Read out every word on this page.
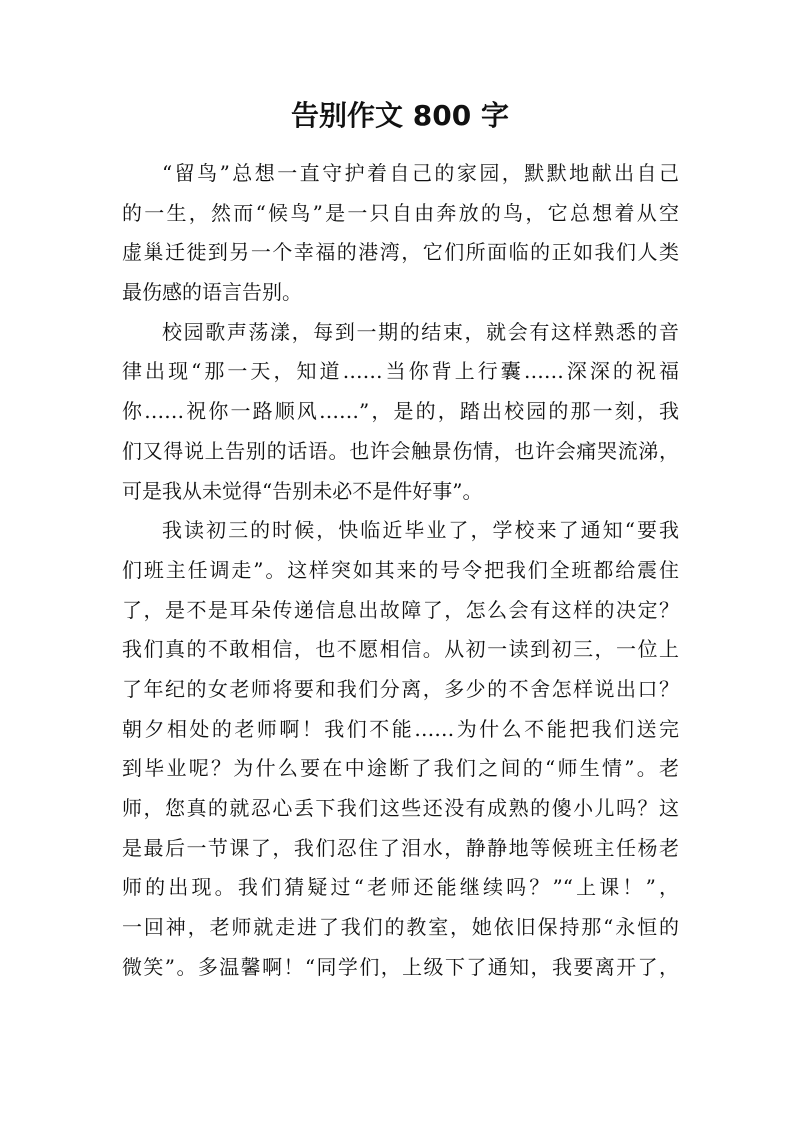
告别作文 800 字
“留鸟”总想一直守护着自己的家园，默默地献出自己
的一生，然而“候鸟”是一只自由奔放的鸟，它总想着从空
虚巢迁徙到另一个幸福的港湾，它们所面临的正如我们人类
最伤感的语言告别。
校园歌声荡漾，每到一期的结束，就会有这样熟悉的音
律出现“那一天，知道……当你背上行囊……深深的祝福
你……祝你一路顺风……”，是的，踏出校园的那一刻，我
们又得说上告别的话语。也许会触景伤情，也许会痛哭流涕，
可是我从未觉得“告别未必不是件好事”。
我读初三的时候，快临近毕业了，学校来了通知“要我
们班主任调走”。这样突如其来的号令把我们全班都给震住
了，是不是耳朵传递信息出故障了，怎么会有这样的决定？
我们真的不敢相信，也不愿相信。从初一读到初三，一位上
了年纪的女老师将要和我们分离，多少的不舍怎样说出口？
朝夕相处的老师啊！我们不能……为什么不能把我们送完
到毕业呢？为什么要在中途断了我们之间的“师生情”。老
师，您真的就忍心丢下我们这些还没有成熟的傻小儿吗？这
是最后一节课了，我们忍住了泪水，静静地等候班主任杨老
师的出现。我们猜疑过“老师还能继续吗？”“上课！”，
一回神，老师就走进了我们的教室，她依旧保持那“永恒的
微笑”。多温馨啊！“同学们，上级下了通知，我要离开了，
